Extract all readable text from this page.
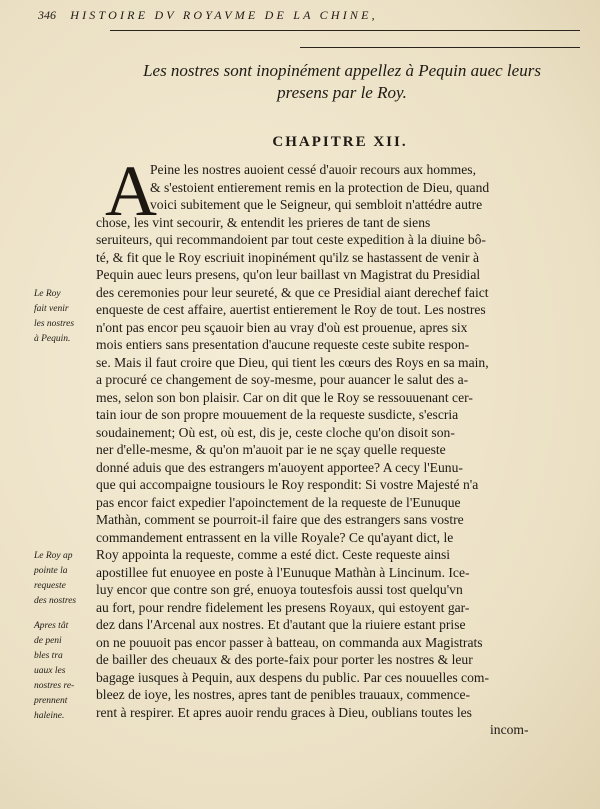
346 HISTOIRE DV ROYAVME DE LA CHINE,
Les nostres sont inopinément appellez à Pequin auec leurs
presens par le Roy.
CHAPITRE XII.
A
Peine les nostres auoient cessé d'auoir recours aux hommes,
& s'estoient entierement remis en la protection de Dieu, quand
voici subitement que le Seigneur, qui sembloit n'attédre autre
chose, les vint secourir, & entendit les prieres de tant de siens
seruiteurs, qui recommandoient par tout ceste expedition à la diuine bô-
té, & fit que le Roy escriuit inopinément qu'ilz se hastassent de venir à
Pequin auec leurs presens, qu'on leur baillast vn Magistrat du Presidial
des ceremonies pour leur seureté, & que ce Presidial aiant derechef faict
enqueste de cest affaire, auertist entierement le Roy de tout. Les nostres
n'ont pas encor peu sçauoir bien au vray d'où est prouenue, apres six
mois entiers sans presentation d'aucune requeste ceste subite respon-
se. Mais il faut croire que Dieu, qui tient les cœurs des Roys en sa main,
a procuré ce changement de soy-mesme, pour auancer le salut des a-
mes, selon son bon plaisir. Car on dit que le Roy se ressouuenant cer-
tain iour de son propre mouuement de la requeste susdicte, s'escria
soudainement; Où est, où est, dis je, ceste cloche qu'on disoit son-
ner d'elle-mesme, & qu'on m'auoit par ie ne sçay quelle requeste
donné aduis que des estrangers m'auoyent apportee? A cecy l'Eunu-
que qui accompaigne tousiours le Roy respondit: Si vostre Majesté n'a
pas encor faict expedier l'apoinctement de la requeste de l'Eunuque
Mathàn, comment se pourroit-il faire que des estrangers sans vostre
commandement entrassent en la ville Royale? Ce qu'ayant dict, le
Roy appointa la requeste, comme a esté dict. Ceste requeste ainsi
apostillee fut enuoyee en poste à l'Eunuque Mathàn à Lincinum. Ice-
luy encor que contre son gré, enuoya toutesfois aussi tost quelqu'vn
au fort, pour rendre fidelement les presens Royaux, qui estoyent gar-
dez dans l'Arcenal aux nostres. Et d'autant que la riuiere estant prise
on ne pouuoit pas encor passer à batteau, on commanda aux Magistrats
de bailler des cheuaux & des porte-faix pour porter les nostres & leur
bagage iusques à Pequin, aux despens du public. Par ces nouuelles com-
bleez de ioye, les nostres, apres tant de penibles trauaux, commence-
rent à respirer. Et apres auoir rendu graces à Dieu, oublians toutes les
Le Roy
fait venir
les nostres
à Pequin.
Le Roy ap
pointe la
requeste
des nostres
Apres tât
de peni
bles tra
uaux les
nostres re-
prennent
haleine.
incom-
